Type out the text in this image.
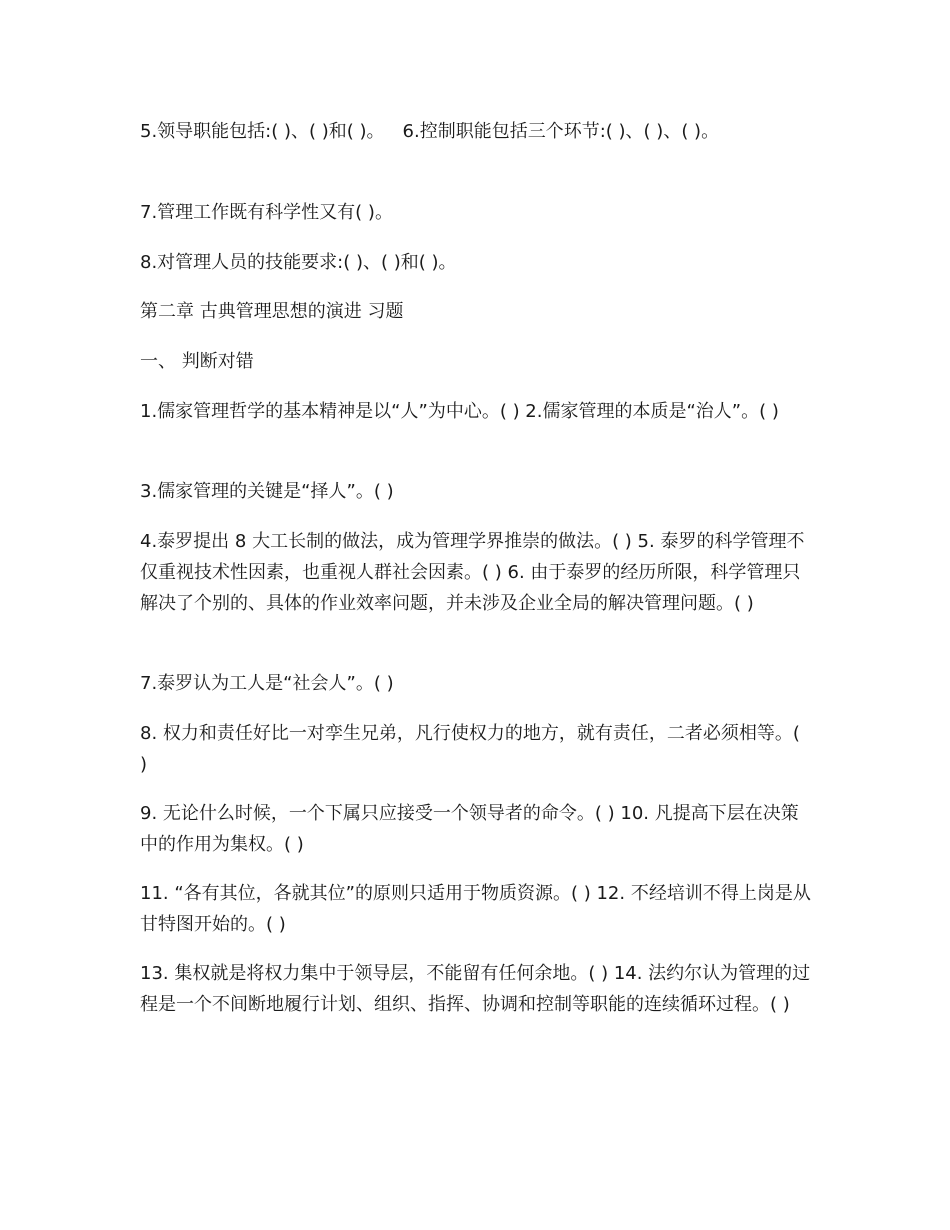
5.领导职能包括:( )、( )和( )。 6.控制职能包括三个环节:( )、( )、( )。

7.管理工作既有科学性又有( )。

8.对管理人员的技能要求:( )、( )和( )。

第二章 古典管理思想的演进 习题

一、 判断对错

1.儒家管理哲学的基本精神是以“人”为中心。( ) 2.儒家管理的本质是“治人”。( )

3.儒家管理的关键是“择人”。( )

4.泰罗提出 8 大工长制的做法，成为管理学界推崇的做法。( ) 5. 泰罗的科学管理不仅重视技术性因素，也重视人群社会因素。( ) 6. 由于泰罗的经历所限，科学管理只解决了个别的、具体的作业效率问题，并未涉及企业全局的解决管理问题。( )

7.泰罗认为工人是“社会人”。( )

8. 权力和责任好比一对孪生兄弟，凡行使权力的地方，就有责任，二者必须相等。( )

9. 无论什么时候，一个下属只应接受一个领导者的命令。( ) 10. 凡提高下层在决策中的作用为集权。( )

11. “各有其位，各就其位”的原则只适用于物质资源。( ) 12. 不经培训不得上岗是从甘特图开始的。( )

13. 集权就是将权力集中于领导层，不能留有任何余地。( ) 14. 法约尔认为管理的过程是一个不间断地履行计划、组织、指挥、协调和控制等职能的连续循环过程。( )
